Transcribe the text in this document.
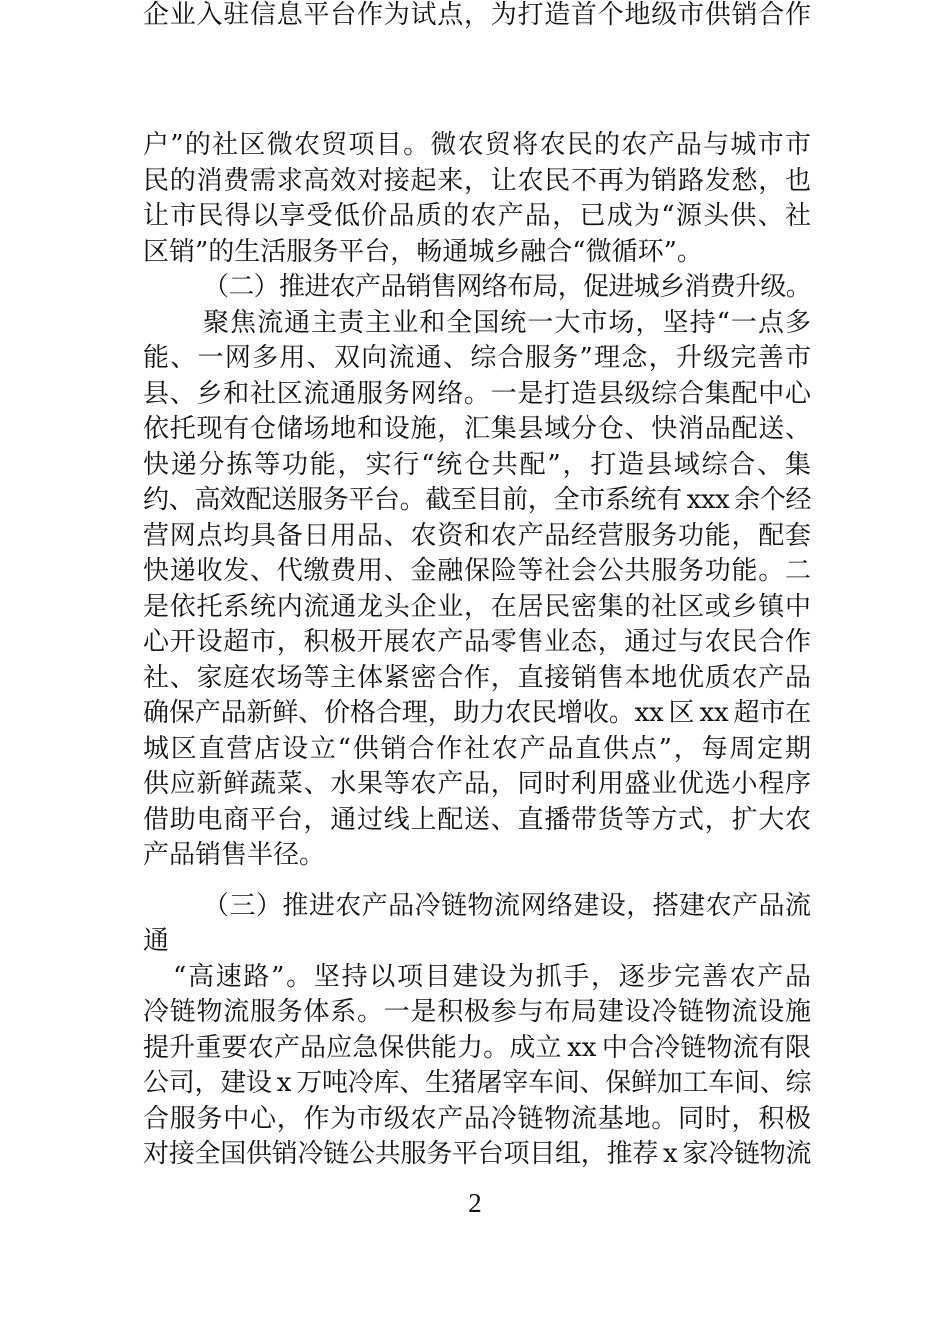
户”的社区微农贸项目。微农贸将农民的农产品与城市市
民的消费需求高效对接起来，让农民不再为销路发愁，也
让市民得以享受低价品质的农产品，已成为“源头供、社
区销”的生活服务平台，畅通城乡融合“微循环”。
（二）推进农产品销售网络布局，促进城乡消费升级。
聚焦流通主责主业和全国统一大市场，坚持“一点多
能、一网多用、双向流通、综合服务”理念，升级完善市
县、乡和社区流通服务网络。一是打造县级综合集配中心
依托现有仓储场地和设施，汇集县域分仓、快消品配送、
快递分拣等功能，实行“统仓共配”，打造县域综合、集
约、高效配送服务平台。截至目前，全市系统有 xxx 余个经
营网点均具备日用品、农资和农产品经营服务功能，配套
快递收发、代缴费用、金融保险等社会公共服务功能。二
是依托系统内流通龙头企业，在居民密集的社区或乡镇中
心开设超市，积极开展农产品零售业态，通过与农民合作
社、家庭农场等主体紧密合作，直接销售本地优质农产品
确保产品新鲜、价格合理，助力农民增收。xx 区 xx 超市在
城区直营店设立“供销合作社农产品直供点”，每周定期
供应新鲜蔬菜、水果等农产品，同时利用盛业优选小程序
借助电商平台，通过线上配送、直播带货等方式，扩大农
产品销售半径。
（三）推进农产品冷链物流网络建设，搭建农产品流
通
“高速路”。坚持以项目建设为抓手，逐步完善农产品
冷链物流服务体系。一是积极参与布局建设冷链物流设施
提升重要农产品应急保供能力。成立 xx 中合冷链物流有限
公司，建设 x 万吨冷库、生猪屠宰车间、保鲜加工车间、综
合服务中心，作为市级农产品冷链物流基地。同时，积极
对接全国供销冷链公共服务平台项目组，推荐 x 家冷链物流
企业入驻信息平台作为试点，为打造首个地级市供销合作
2
